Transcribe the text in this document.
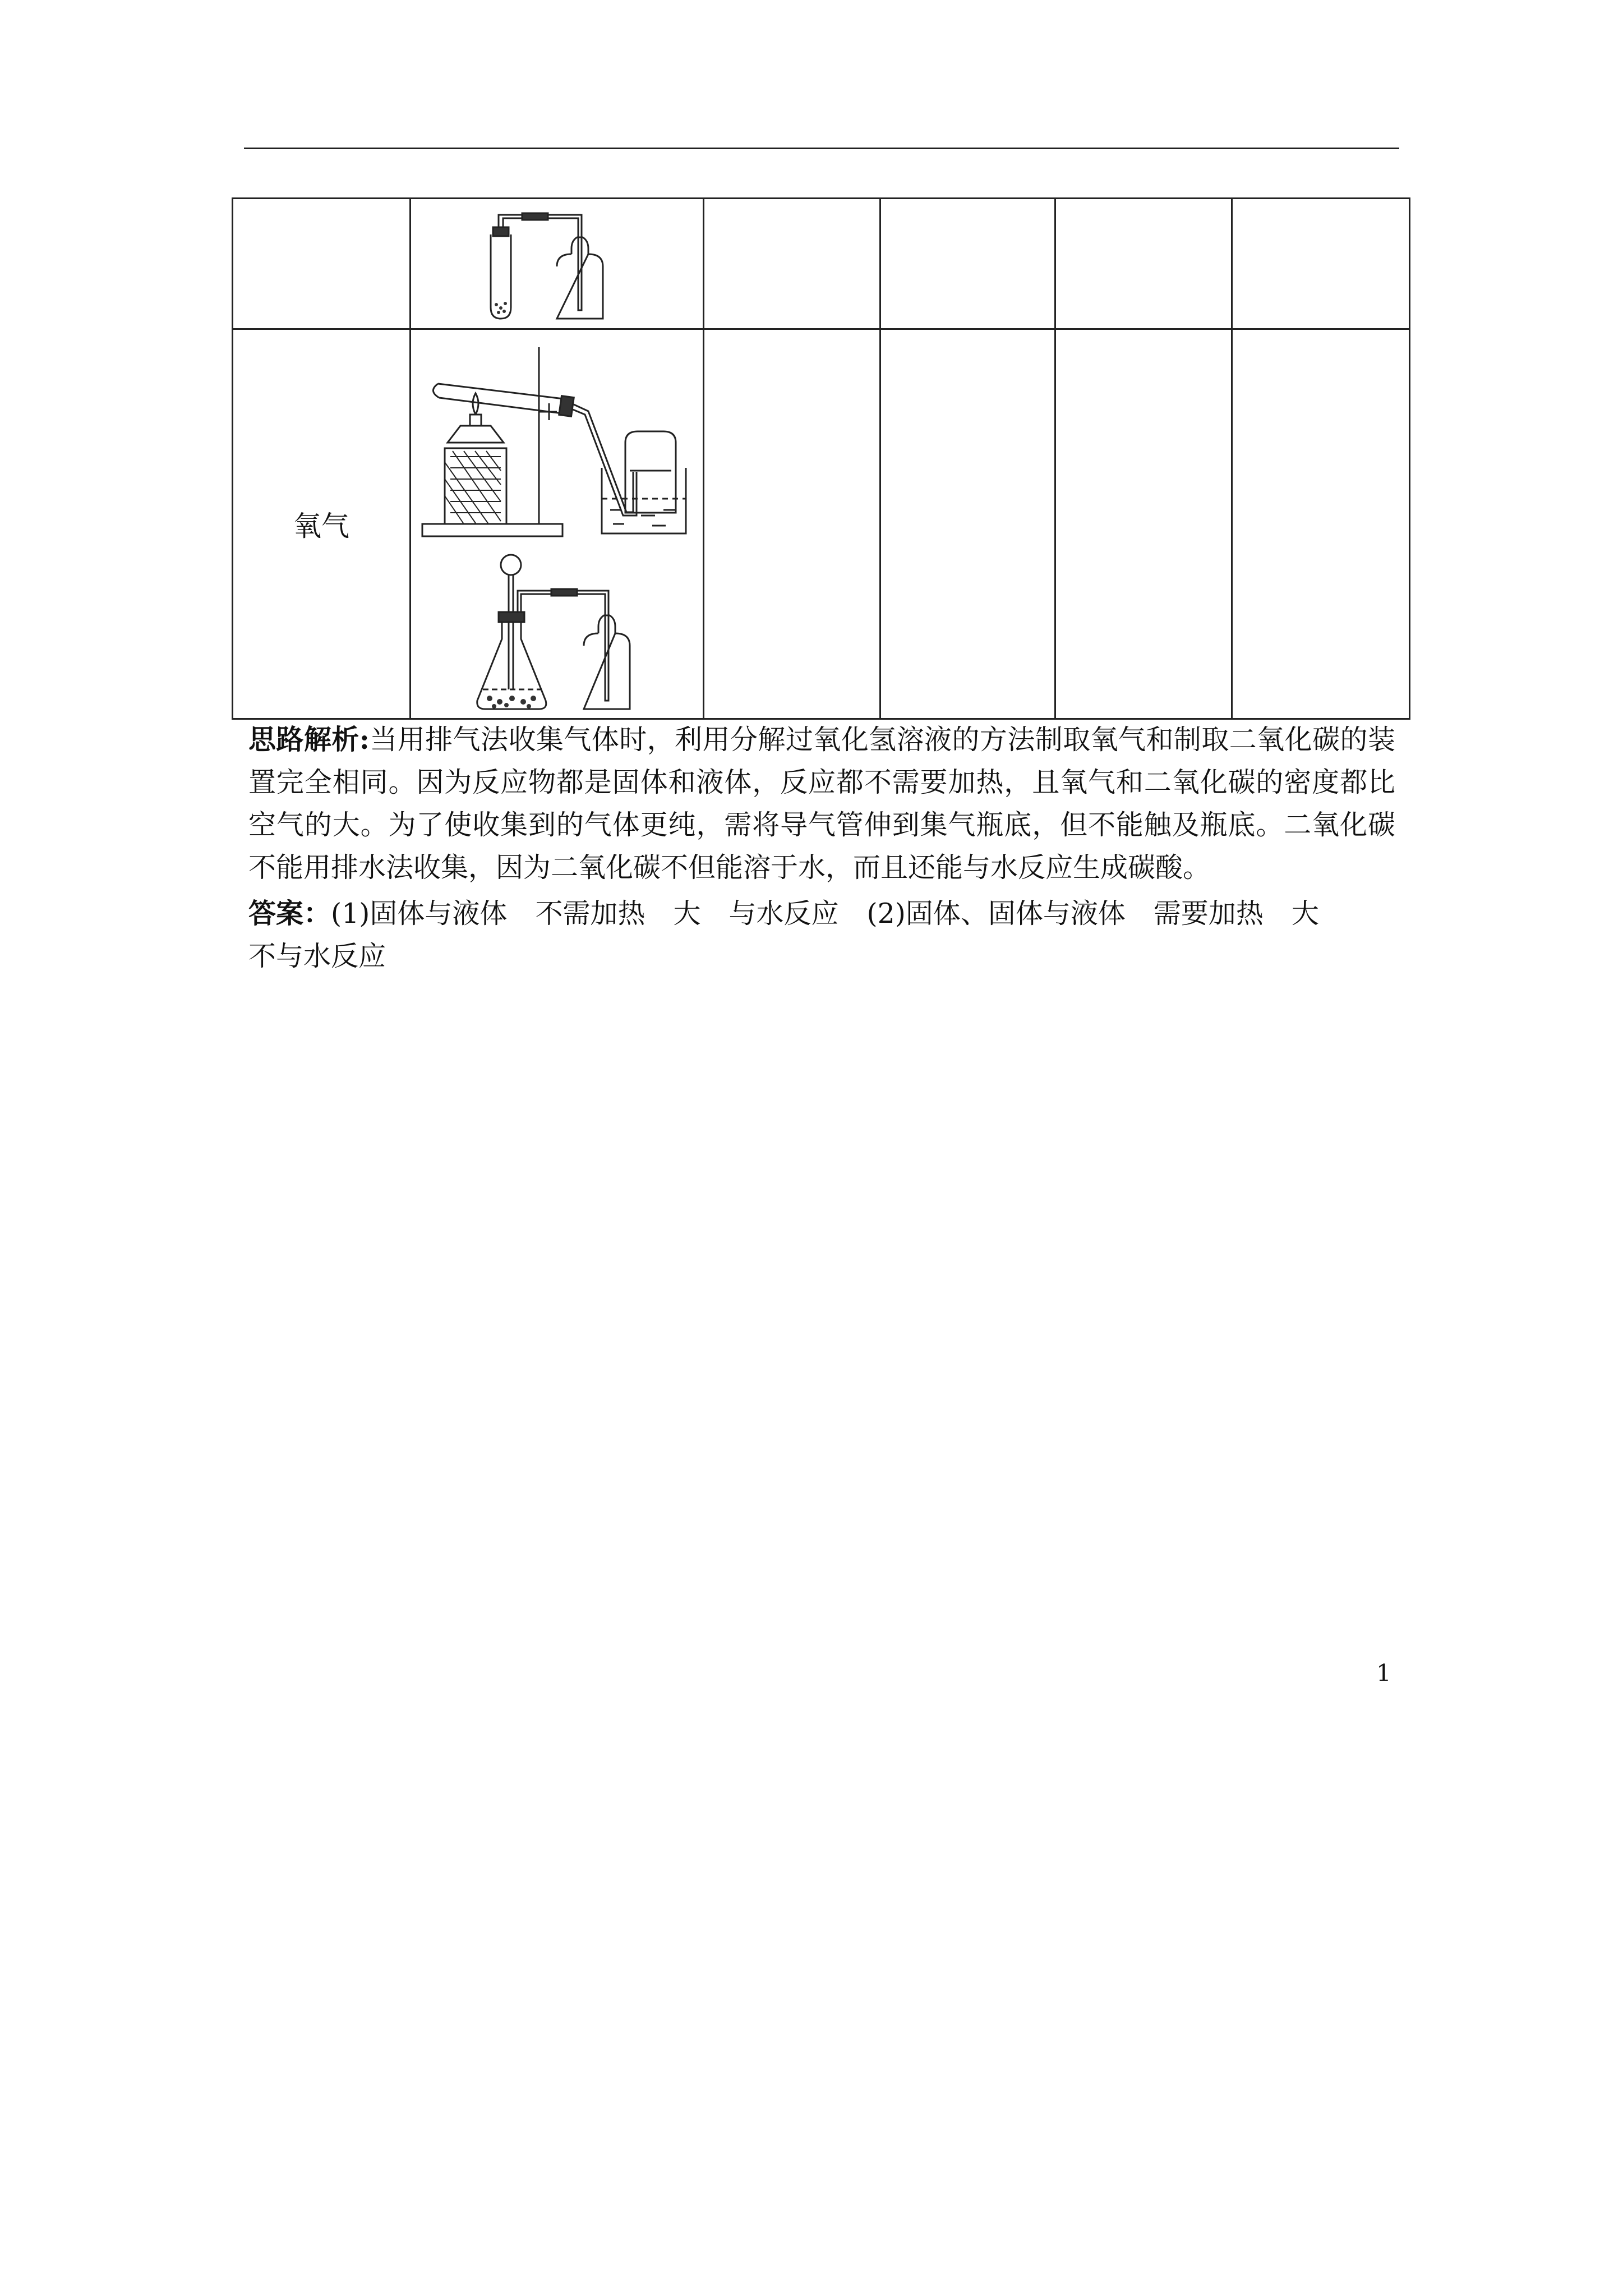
氧气	

思路解析:当用排气法收集气体时，利用分解过氧化氢溶液的方法制取氧气和制取二氧化碳的装置完全相同。因为反应物都是固体和液体，反应都不需要加热，且氧气和二氧化碳的密度都比空气的大。为了使收集到的气体更纯，需将导气管伸到集气瓶底，但不能触及瓶底。二氧化碳不能用排水法收集，因为二氧化碳不但能溶于水，而且还能与水反应生成碳酸。
答案：(1)固体与液体 不需加热 大 与水反应 (2)固体、固体与液体 需要加热 大
不与水反应
1
